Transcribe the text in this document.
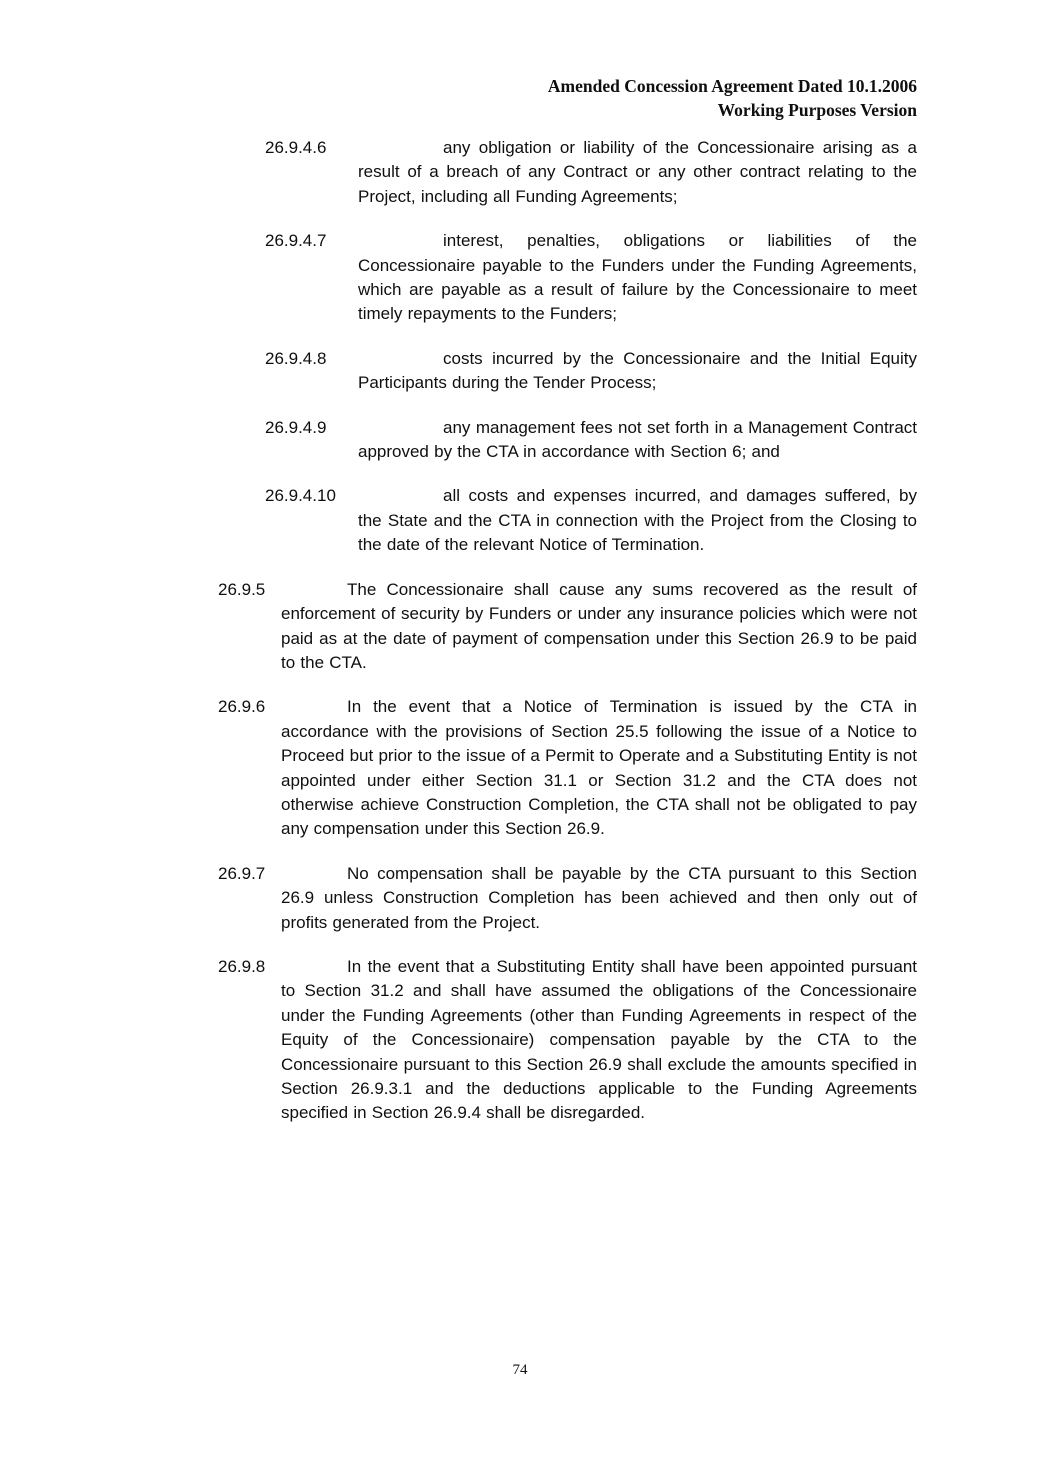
Amended Concession Agreement Dated 10.1.2006
Working Purposes Version

26.9.4.6	any obligation or liability of the Concessionaire arising as a result of a breach of any Contract or any other contract relating to the Project, including all Funding Agreements;

26.9.4.7	interest, penalties, obligations or liabilities of the Concessionaire payable to the Funders under the Funding Agreements, which are payable as a result of failure by the Concessionaire to meet timely repayments to the Funders;

26.9.4.8	costs incurred by the Concessionaire and the Initial Equity Participants during the Tender Process;

26.9.4.9	any management fees not set forth in a Management Contract approved by the CTA in accordance with Section 6; and

26.9.4.10	all costs and expenses incurred, and damages suffered, by the State and the CTA in connection with the Project from the Closing to the date of the relevant Notice of Termination.

26.9.5	The Concessionaire shall cause any sums recovered as the result of enforcement of security by Funders or under any insurance policies which were not paid as at the date of payment of compensation under this Section 26.9 to be paid to the CTA.

26.9.6	In the event that a Notice of Termination is issued by the CTA in accordance with the provisions of Section 25.5 following the issue of a Notice to Proceed but prior to the issue of a Permit to Operate and a Substituting Entity is not appointed under either Section 31.1 or Section 31.2 and the CTA does not otherwise achieve Construction Completion, the CTA shall not be obligated to pay any compensation under this Section 26.9.

26.9.7	No compensation shall be payable by the CTA pursuant to this Section 26.9 unless Construction Completion has been achieved and then only out of profits generated from the Project.

26.9.8	In the event that a Substituting Entity shall have been appointed pursuant to Section 31.2 and shall have assumed the obligations of the Concessionaire under the Funding Agreements (other than Funding Agreements in respect of the Equity of the Concessionaire) compensation payable by the CTA to the Concessionaire pursuant to this Section 26.9 shall exclude the amounts specified in Section 26.9.3.1 and the deductions applicable to the Funding Agreements specified in Section 26.9.4 shall be disregarded.

74
